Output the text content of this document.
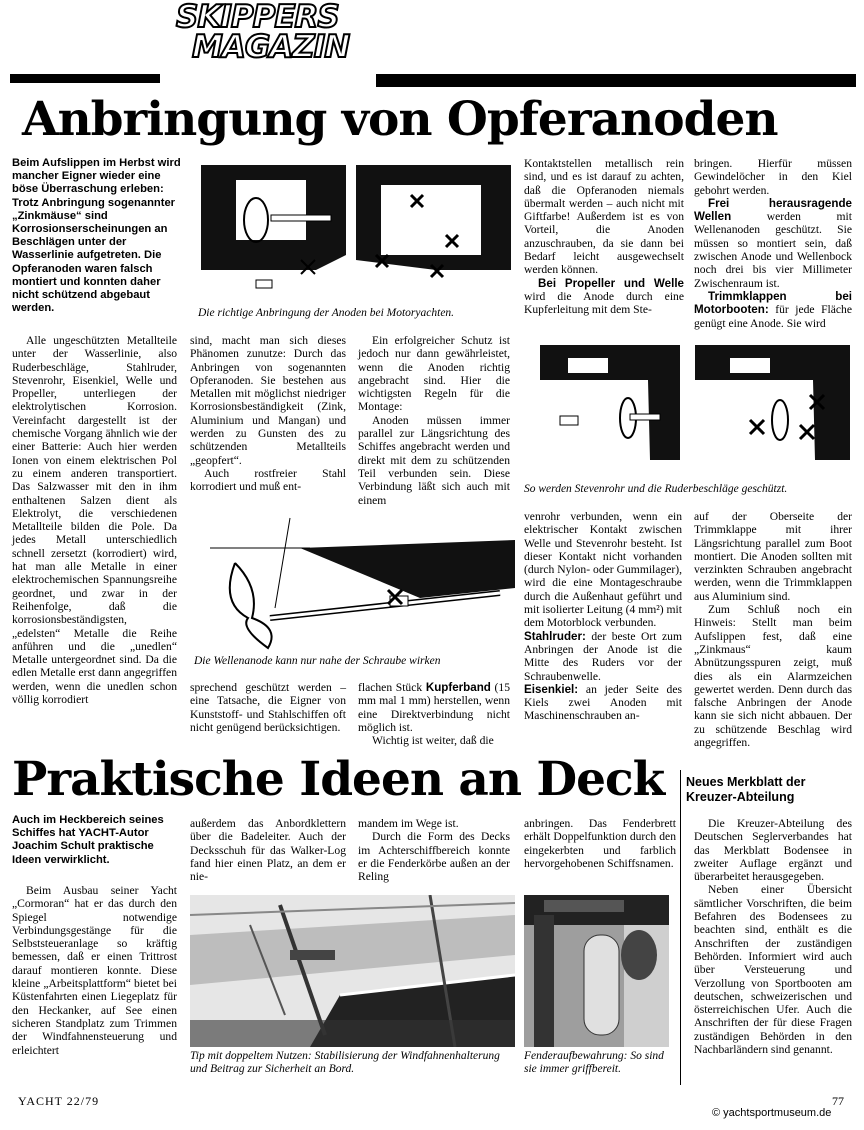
SKIPPERS
MAGAZIN
Anbringung von Opferanoden

Beim Aufslippen im Herbst wird mancher Eigner wieder eine böse Überraschung erleben: Trotz Anbringung sogenannter „Zinkmäuse“ sind Korrosionserscheinungen an Beschlägen unter der Wasserlinie aufgetreten. Die Opferanoden waren falsch montiert und konnten daher nicht schützend abgebaut werden.	Die richtige Anbringung der Anoden bei Motoryachten.

Kontaktstellen metallisch rein sind, und es ist darauf zu achten, daß die Opferanoden niemals übermalt werden – auch nicht mit Giftfarbe! Außerdem ist es von Vorteil, die Anoden anzuschrauben, da sie dann bei Bedarf leicht ausgewechselt werden können.

Bei Propeller und Welle wird die Anode durch eine Kupferleitung mit dem Ste-

bringen. Hierfür müssen Gewindelöcher in den Kiel gebohrt werden.

Frei herausragende Wellen	werden mit Wellenanoden geschützt. Sie müssen so montiert sein, daß zwischen Anode und Wellenbock noch drei bis vier Millimeter Zwischenraum ist.

Trimmklappen bei Motorbooten: für jede Fläche genügt eine Anode. Sie wird

Alle ungeschützten Metallteile unter der Wasserlinie, also Ruderbeschläge, Stahlruder, Stevenrohr, Eisenkiel, Welle und Propeller, unterliegen der elektrolytischen Korrosion. Vereinfacht dargestellt ist der chemische Vorgang ähnlich wie der einer Batterie: Auch hier werden Ionen von einem elektrischen Pol zu einem anderen transportiert. Das Salzwasser mit den in ihm enthaltenen Salzen dient als Elektrolyt, die verschiedenen Metallteile bilden die Pole. Da jedes Metall unterschiedlich schnell zersetzt (korrodiert) wird, hat man alle Metalle in einer elektrochemischen Spannungsreihe geordnet, und zwar in der Reihenfolge, daß die korrosionsbeständigsten, „edelsten“ Metalle die Reihe anführen und die „unedlen“ Metalle untergeordnet sind. Da die edlen Metalle erst dann angegriffen werden, wenn die unedlen schon völlig korrodiert

sind, macht man sich dieses Phänomen zunutze: Durch das Anbringen von sogenannten Opferanoden. Sie bestehen aus Metallen mit möglichst niedriger Korrosionsbeständigkeit (Zink, Aluminium und Mangan) und werden zu Gunsten des zu schützenden Metallteils „geopfert“.

Auch rostfreier Stahl korrodiert und muß ent-

Ein erfolgreicher Schutz ist jedoch nur dann gewährleistet, wenn die Anoden richtig angebracht sind. Hier die wichtigsten Regeln für die Montage:

Anoden müssen immer parallel zur Längsrichtung des Schiffes angebracht werden und direkt mit dem zu schützenden Teil verbunden sein. Diese Verbindung läßt sich auch mit einem

So werden Stevenrohr und die Ruderbeschläge geschützt.
Die Wellenanode kann nur nahe der Schraube wirken

venrohr verbunden, wenn ein elektrischer Kontakt zwischen Welle und Stevenrohr besteht. Ist dieser Kontakt nicht vorhanden (durch Nylon- oder Gummilager), wird die eine Montageschraube durch die Außenhaut geführt und mit isolierter Leitung (4 mm²) mit dem Motorblock verbunden.

Stahlruder: der beste Ort zum Anbringen der Anode ist die Mitte des Ruders vor der Schraubenwelle.

Eisenkiel: an jeder Seite des Kiels zwei Anoden mit Maschinenschrauben an-

auf der Oberseite der Trimmklappe mit ihrer Längsrichtung parallel zum Boot montiert. Die Anoden sollten mit verzinkten Schrauben angebracht werden, wenn die Trimmklappen aus Aluminium sind.

Zum Schluß noch ein Hinweis: Stellt man beim Aufslippen fest, daß eine „Zinkmaus“ kaum Abnützungsspuren zeigt, muß dies als ein Alarmzeichen gewertet werden. Denn durch das falsche Anbringen der Anode kann sie sich nicht abbauen. Der zu schützende Beschlag wird angegriffen.

sprechend geschützt werden – eine Tatsache, die Eigner von Kunststoff- und Stahlschiffen oft nicht genügend berücksichtigen.

flachen Stück Kupferband (15 mm mal 1 mm) herstellen, wenn eine Direktverbindung nicht möglich ist.

Wichtig ist weiter, daß die

Praktische Ideen an Deck Neues Merkblatt der
Kreuzer-Abteilung

Die Kreuzer-Abteilung des Deutschen Seglerverbandes hat das Merkblatt Bodensee in zweiter Auflage ergänzt und überarbeitet herausgegeben.

Neben einer Übersicht sämtlicher Vorschriften, die beim Befahren des Bodensees zu beachten sind, enthält es die Anschriften der zuständigen Behörden. Informiert wird auch über Versteuerung und Verzollung von Sportbooten am deutschen, schweizerischen und österreichischen Ufer. Auch die Anschriften der für diese Fragen zuständigen Behörden in den Nachbarländern sind genannt.

Auch im Heckbereich seines Schiffes hat YACHT-Autor Joachim Schult praktische Ideen verwirklicht.

Beim Ausbau seiner Yacht „Cormoran“ hat er das durch den Spiegel notwendige Verbindungsgestänge für die Selbststeueranlage so kräftig bemessen, daß er einen Trittrost darauf montieren konnte. Diese kleine „Arbeitsplattform“ bietet bei Küstenfahrten einen Liegeplatz für den Heckanker, auf See einen sicheren Standplatz zum Trimmen der Windfahnensteuerung und erleichtert

außerdem das Anbordklettern über die Badeleiter. Auch der Decksschuh für das Walker-Log fand hier einen Platz, an dem er nie-

mandem im Wege ist.

Durch die Form des Decks im Achterschiffbereich konnte er die Fenderkörbe außen an der Reling

anbringen. Das Fenderbrett erhält Doppelfunktion durch den eingekerbten und farblich hervorgehobenen Schiffsnamen.

Tip mit doppeltem Nutzen: Stabilisierung der Windfahnenhalterung und Beitrag zur Sicherheit an Bord.
Fenderaufbewahrung: So sind sie immer griffbereit.
YACHT 22/79	77
© yachtsportmuseum.de
